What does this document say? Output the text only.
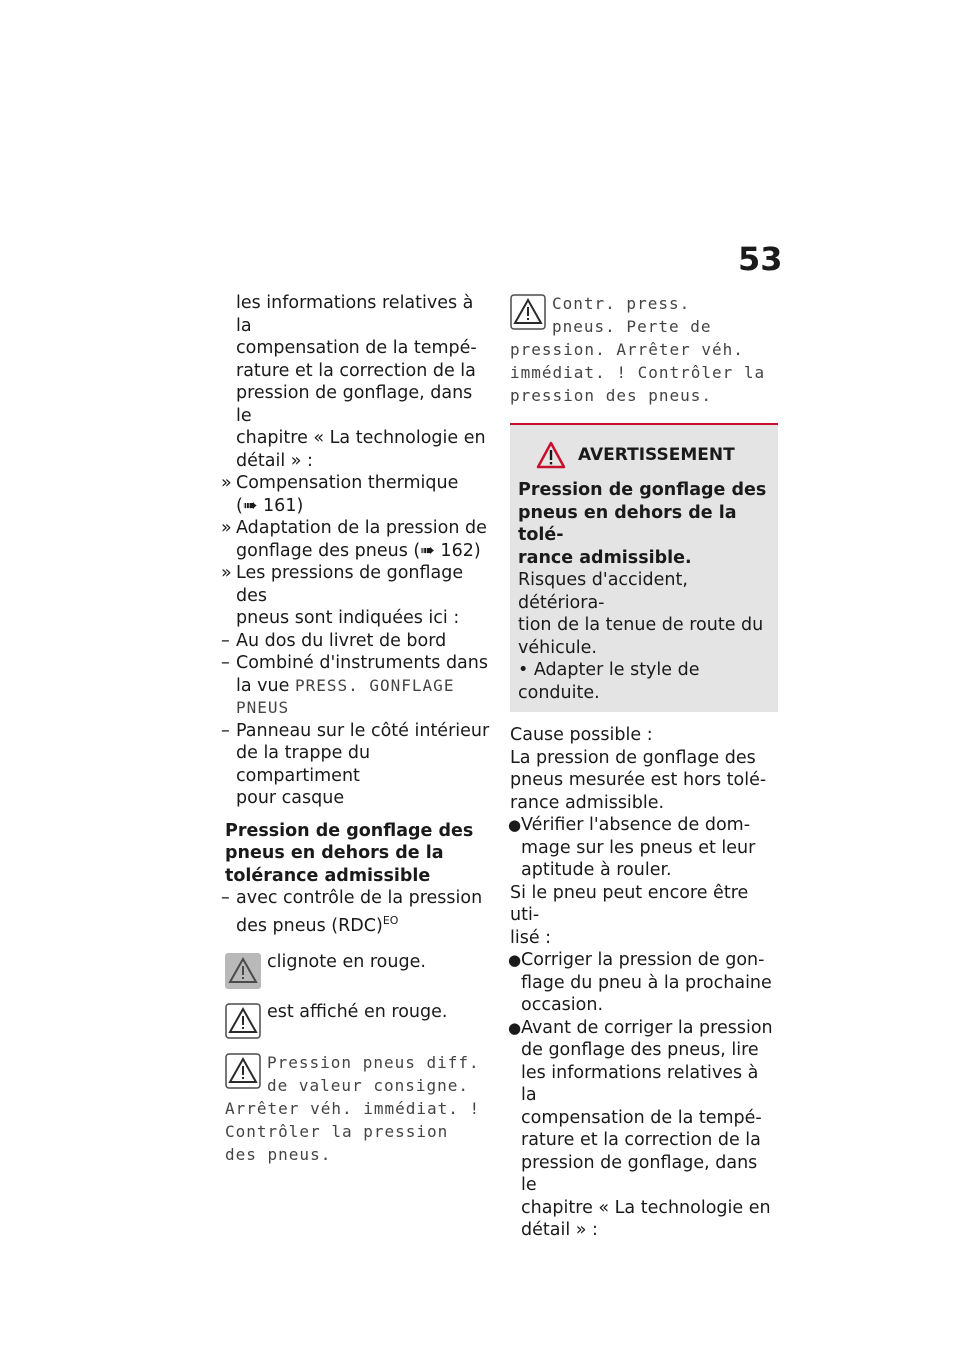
53
les informations relatives à la
compensation de la tempé-
rature et la correction de la
pression de gonflage, dans le
chapitre « La technologie en
détail » :
» Compensation thermique
(➠ 161)
» Adaptation de la pression de
gonflage des pneus (➠ 162)
» Les pressions de gonflage des
pneus sont indiquées ici :
– Au dos du livret de bord
– Combiné d'instruments dans
la vue PRESS. GONFLAGE
PNEUS
– Panneau sur le côté intérieur
de la trappe du compartiment
pour casque
Pression de gonflage des
pneus en dehors de la
tolérance admissible
– avec contrôle de la pression
des pneus (RDC)$^{EO}$
clignote en rouge.
est affiché en rouge.
Pression pneus diff.
de valeur consigne.
Arrêter véh. immédiat. !
Contrôler la pression
des pneus.
Contr. press.
pneus. Perte de
pression. Arrêter véh.
immédiat. ! Contrôler la
pression des pneus.
AVERTISSEMENT
Pression de gonflage des
pneus en dehors de la tolé-
rance admissible.
Risques d'accident, détériora-
tion de la tenue de route du
véhicule.
• Adapter le style de conduite.
Cause possible :
La pression de gonflage des
pneus mesurée est hors tolé-
rance admissible.
● Vérifier l'absence de dom-
mage sur les pneus et leur
aptitude à rouler.
Si le pneu peut encore être uti-
lisé :
● Corriger la pression de gon-
flage du pneu à la prochaine
occasion.
● Avant de corriger la pression
de gonflage des pneus, lire
les informations relatives à la
compensation de la tempé-
rature et la correction de la
pression de gonflage, dans le
chapitre « La technologie en
détail » :
